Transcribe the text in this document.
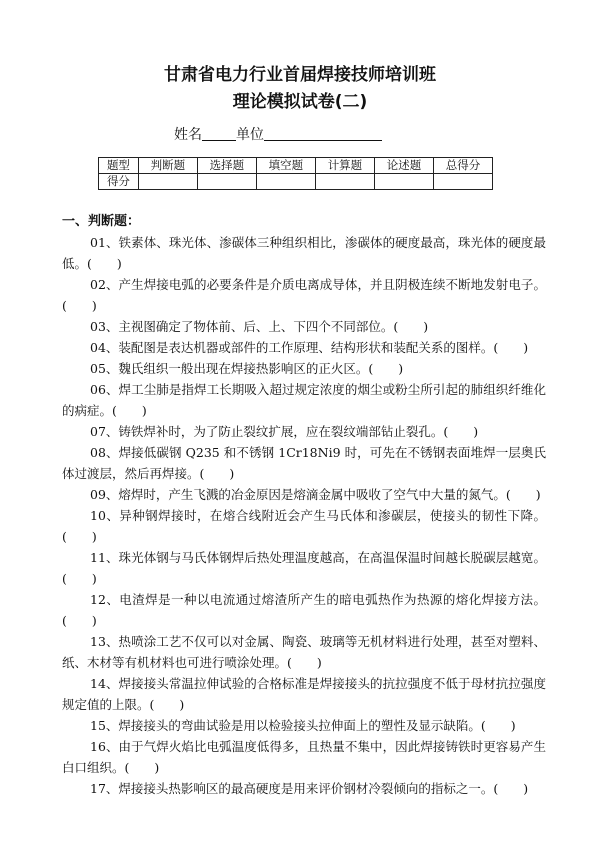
甘肃省电力行业首届焊接技师培训班
理论模拟试卷(二)
姓名 单位
题型	判断题	选择题	填空题	计算题	论述题	总得分
得分						
一、判断题：

01、铁素体、珠光体、渗碳体三种组织相比，渗碳体的硬度最高，珠光体的硬度最低。(　　)

02、产生焊接电弧的必要条件是介质电离成导体，并且阴极连续不断地发射电子。(　　)

03、主视图确定了物体前、后、上、下四个不同部位。(　　)

04、装配图是表达机器或部件的工作原理、结构形状和装配关系的图样。(　　)

05、魏氏组织一般出现在焊接热影响区的正火区。(　　)

06、焊工尘肺是指焊工长期吸入超过规定浓度的烟尘或粉尘所引起的肺组织纤维化的病症。(　　)

07、铸铁焊补时，为了防止裂纹扩展，应在裂纹端部钻止裂孔。(　　)

08、焊接低碳钢 Q235 和不锈钢 1Cr18Ni9 时，可先在不锈钢表面堆焊一层奥氏体过渡层，然后再焊接。(　　)

09、熔焊时，产生飞溅的冶金原因是熔滴金属中吸收了空气中大量的氮气。(　　)

10、异种钢焊接时，在熔合线附近会产生马氏体和渗碳层，使接头的韧性下降。(　　)

11、珠光体钢与马氏体钢焊后热处理温度越高，在高温保温时间越长脱碳层越宽。(　　)

12、电渣焊是一种以电流通过熔渣所产生的暗电弧热作为热源的熔化焊接方法。(　　)

13、热喷涂工艺不仅可以对金属、陶瓷、玻璃等无机材料进行处理，甚至对塑料、纸、木材等有机材料也可进行喷涂处理。(　　)

14、焊接接头常温拉伸试验的合格标准是焊接接头的抗拉强度不低于母材抗拉强度规定值的上限。(　　)

15、焊接接头的弯曲试验是用以检验接头拉伸面上的塑性及显示缺陷。(　　)

16、由于气焊火焰比电弧温度低得多，且热量不集中，因此焊接铸铁时更容易产生白口组织。(　　)

17、焊接接头热影响区的最高硬度是用来评价钢材冷裂倾向的指标之一。(　　)
